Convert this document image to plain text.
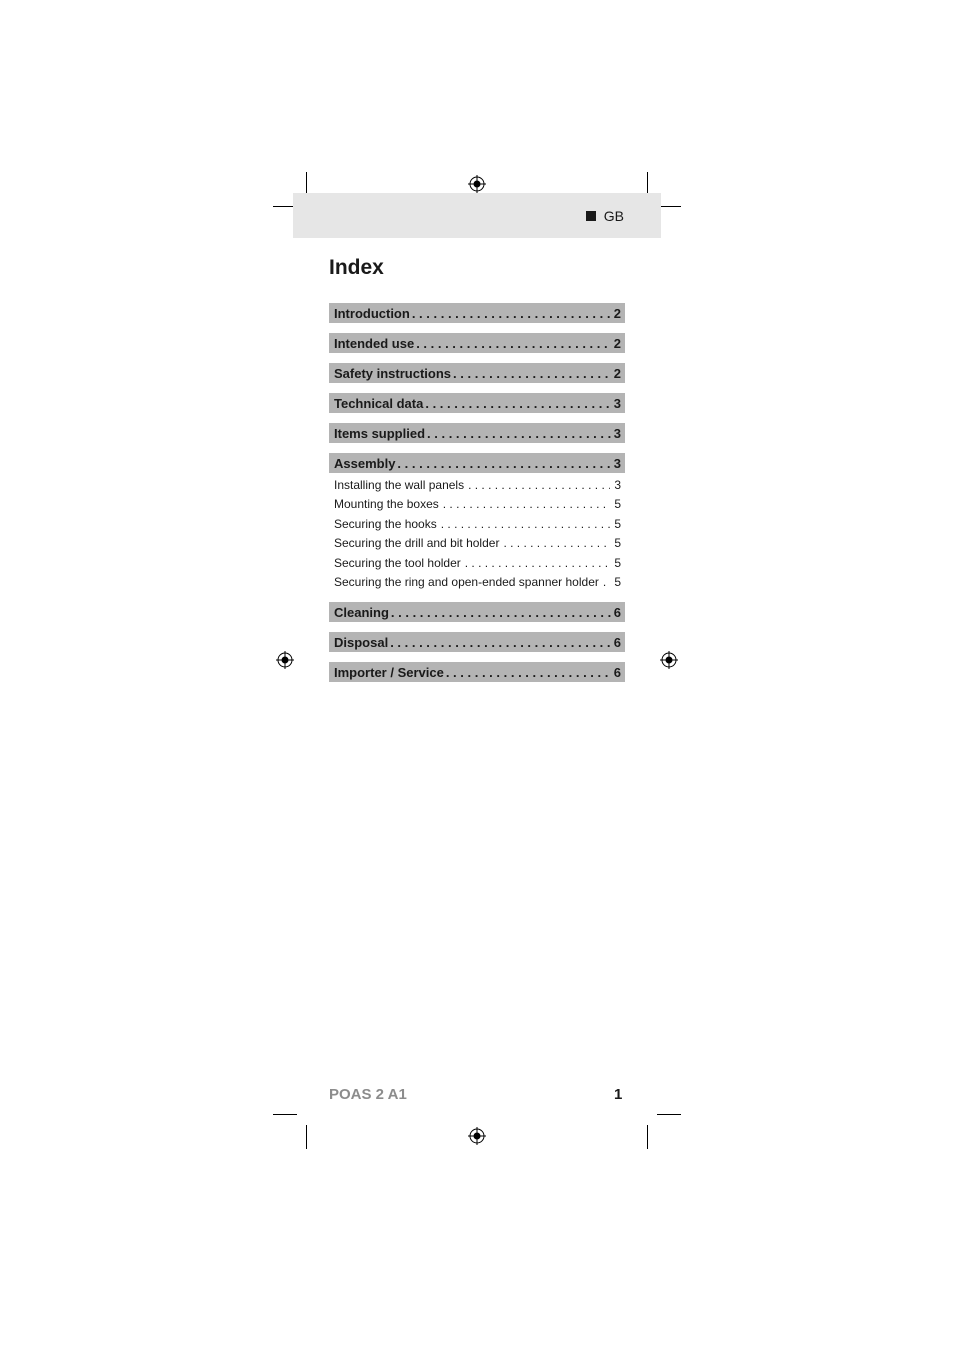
GB
Index
Introduction . . .	2
Intended use . . .	2
Safety instructions . . .	2
Technical data . . .	3
Items supplied . . .	3
Assembly . . .	3
Installing the wall panels . . .	3
Mounting the boxes . . .	5
Securing the hooks . . .	5
Securing the drill and bit holder . . .	5
Securing the tool holder . . .	5
Securing the ring and open-ended spanner holder . . . 5
Cleaning . . .	6
Disposal . . .	6
Importer / Service . . .	6
POAS 2 A1	1
